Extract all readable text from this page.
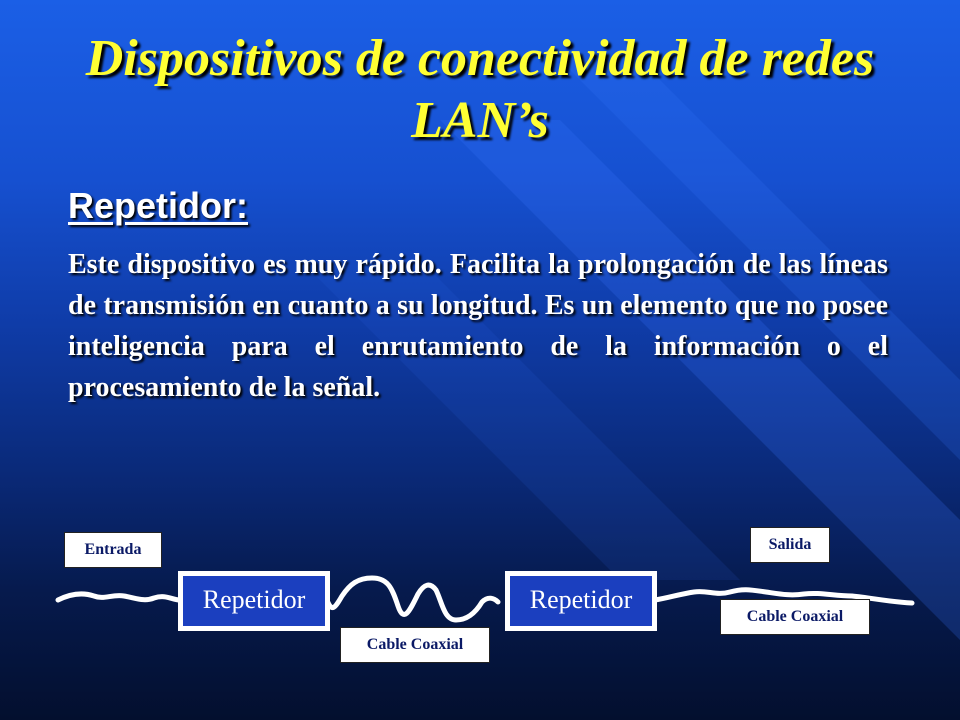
Dispositivos de conectividad de redes LAN’s
Repetidor:

Este dispositivo es muy rápido. Facilita la prolongación de las líneas de transmisión en cuanto a su longitud. Es un elemento que no posee inteligencia para el enrutamiento de la información o el procesamiento de la señal.

Entrada	Salida
Repetidor	Repetidor
Cable Coaxial
Cable Coaxial
